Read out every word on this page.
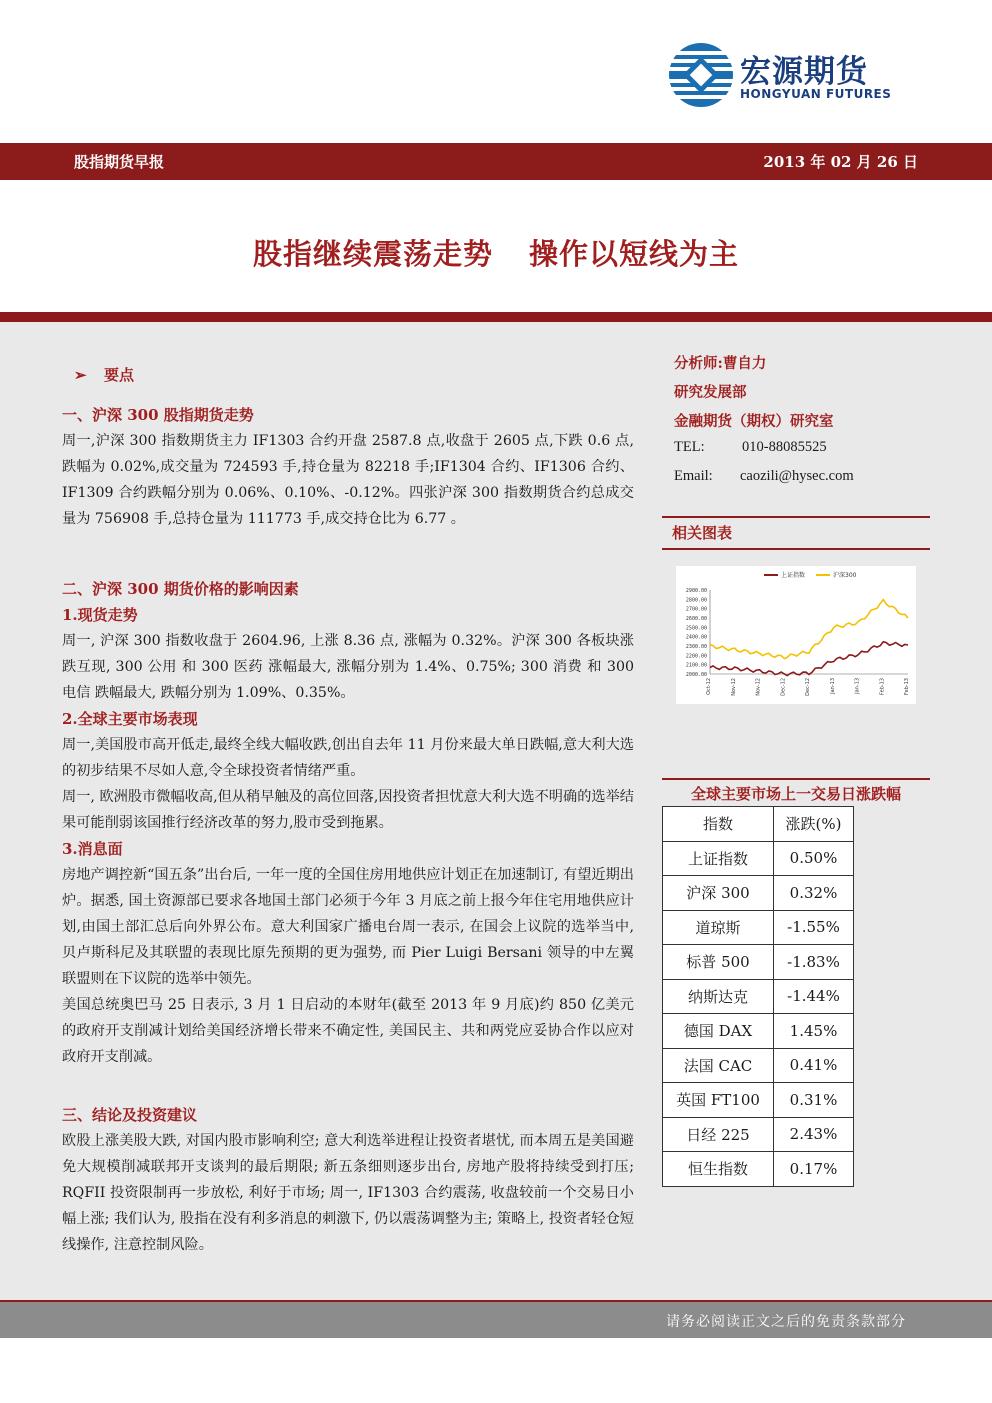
宏源期货
HONGYUAN FUTURES
股指期货早报	2013 年 02 月 26 日
股指继续震荡走势 操作以短线为主
➢ 要点
一、沪深 300 股指期货走势
周一,沪深 300 指数期货主力 IF1303 合约开盘 2587.8 点,收盘于 2605 点,下跌 0.6 点,跌幅为 0.02%,成交量为 724593 手,持仓量为 82218 手;IF1304 合约、IF1306 合约、IF1309 合约跌幅分别为 0.06%、0.10%、-0.12%。四张沪深 300 指数期货合约总成交量为 756908 手,总持仓量为 111773 手,成交持仓比为 6.77 。
二、沪深 300 期货价格的影响因素
1.现货走势
周一, 沪深 300 指数收盘于 2604.96, 上涨 8.36 点, 涨幅为 0.32%。沪深 300 各板块涨跌互现, 300 公用 和 300 医药 涨幅最大, 涨幅分别为 1.4%、0.75%; 300 消费 和 300 电信 跌幅最大, 跌幅分别为 1.09%、0.35%。
2.全球主要市场表现
周一,美国股市高开低走,最终全线大幅收跌,创出自去年 11 月份来最大单日跌幅,意大利大选的初步结果不尽如人意,令全球投资者情绪严重。
周一, 欧洲股市微幅收高,但从稍早触及的高位回落,因投资者担忧意大利大选不明确的选举结果可能削弱该国推行经济改革的努力,股市受到拖累。
3.消息面
房地产调控新“国五条”出台后, 一年一度的全国住房用地供应计划正在加速制订, 有望近期出炉。据悉, 国土资源部已要求各地国土部门必须于今年 3 月底之前上报今年住宅用地供应计划,由国土部汇总后向外界公布。意大利国家广播电台周一表示, 在国会上议院的选举当中, 贝卢斯科尼及其联盟的表现比原先预期的更为强势, 而 Pier Luigi Bersani 领导的中左翼联盟则在下议院的选举中领先。
美国总统奥巴马 25 日表示, 3 月 1 日启动的本财年(截至 2013 年 9 月底)约 850 亿美元的政府开支削减计划给美国经济增长带来不确定性, 美国民主、共和两党应妥协合作以应对政府开支削减。
三、结论及投资建议
欧股上涨美股大跌, 对国内股市影响利空; 意大利选举进程让投资者堪忧, 而本周五是美国避免大规模削减联邦开支谈判的最后期限; 新五条细则逐步出台, 房地产股将持续受到打压; RQFII 投资限制再一步放松, 利好于市场; 周一, IF1303 合约震荡, 收盘较前一个交易日小幅上涨; 我们认为, 股指在没有利多消息的刺激下, 仍以震荡调整为主; 策略上, 投资者轻仓短线操作, 注意控制风险。
分析师:曹自力
研究发展部
金融期货（期权）研究室
TEL:	010-88085525
Email: caozili@hysec.com
相关图表
2900.00
2800.00
2700.00
2600.00
2500.00
2400.00
2300.00
2200.00
2100.00
2000.00
Oct-12	Nov-12	Nov-12	Dec-12	Dec-12	Jan-13	Jan-13	Feb-13	Feb-13
上证指数	沪深300
全球主要市场上一交易日涨跌幅
指数	涨跌(%)
上证指数	0.50%
沪深 300	0.32%
道琼斯	-1.55%
标普 500	-1.83%
纳斯达克	-1.44%
德国 DAX	1.45%
法国 CAC	0.41%
英国 FT100	0.31%
日经 225	2.43%
恒生指数	0.17%
请务必阅读正文之后的免责条款部分
